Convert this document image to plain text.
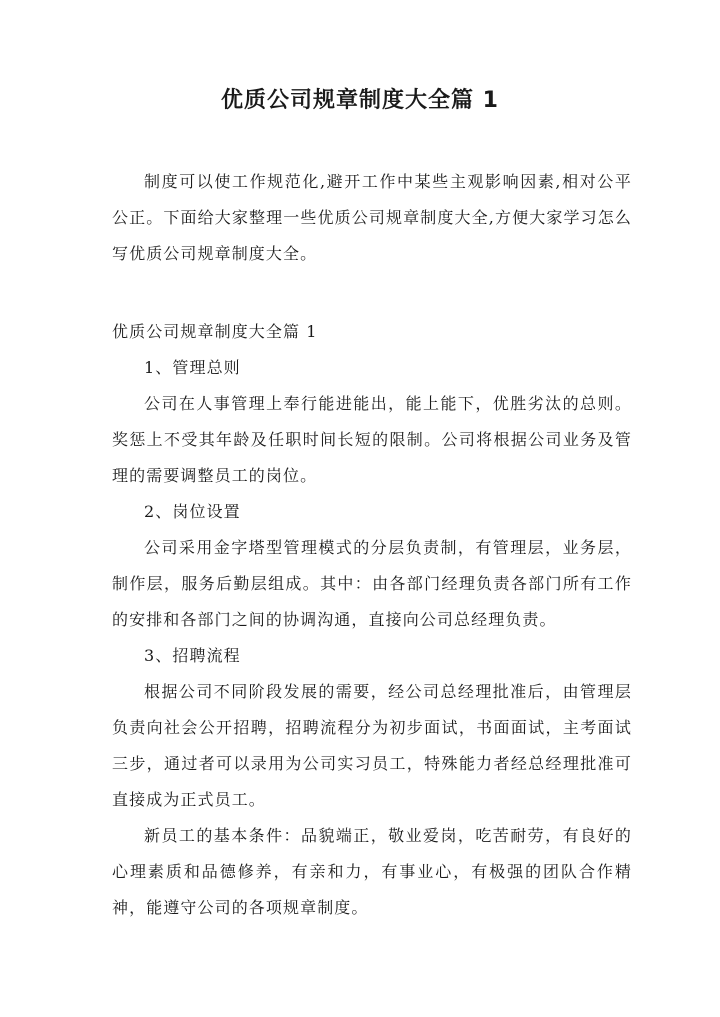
优质公司规章制度大全篇 1

制度可以使工作规范化,避开工作中某些主观影响因素,相对公平公正。下面给大家整理一些优质公司规章制度大全,方便大家学习怎么写优质公司规章制度大全。

优质公司规章制度大全篇 1

1、管理总则

公司在人事管理上奉行能进能出，能上能下，优胜劣汰的总则。奖惩上不受其年龄及任职时间长短的限制。公司将根据公司业务及管理的需要调整员工的岗位。

2、岗位设置

公司采用金字塔型管理模式的分层负责制，有管理层，业务层，制作层，服务后勤层组成。其中：由各部门经理负责各部门所有工作的安排和各部门之间的协调沟通，直接向公司总经理负责。

3、招聘流程

根据公司不同阶段发展的需要，经公司总经理批准后，由管理层负责向社会公开招聘，招聘流程分为初步面试，书面面试，主考面试三步，通过者可以录用为公司实习员工，特殊能力者经总经理批准可直接成为正式员工。

新员工的基本条件：品貌端正，敬业爱岗，吃苦耐劳，有良好的心理素质和品德修养，有亲和力，有事业心，有极强的团队合作精神，能遵守公司的各项规章制度。
